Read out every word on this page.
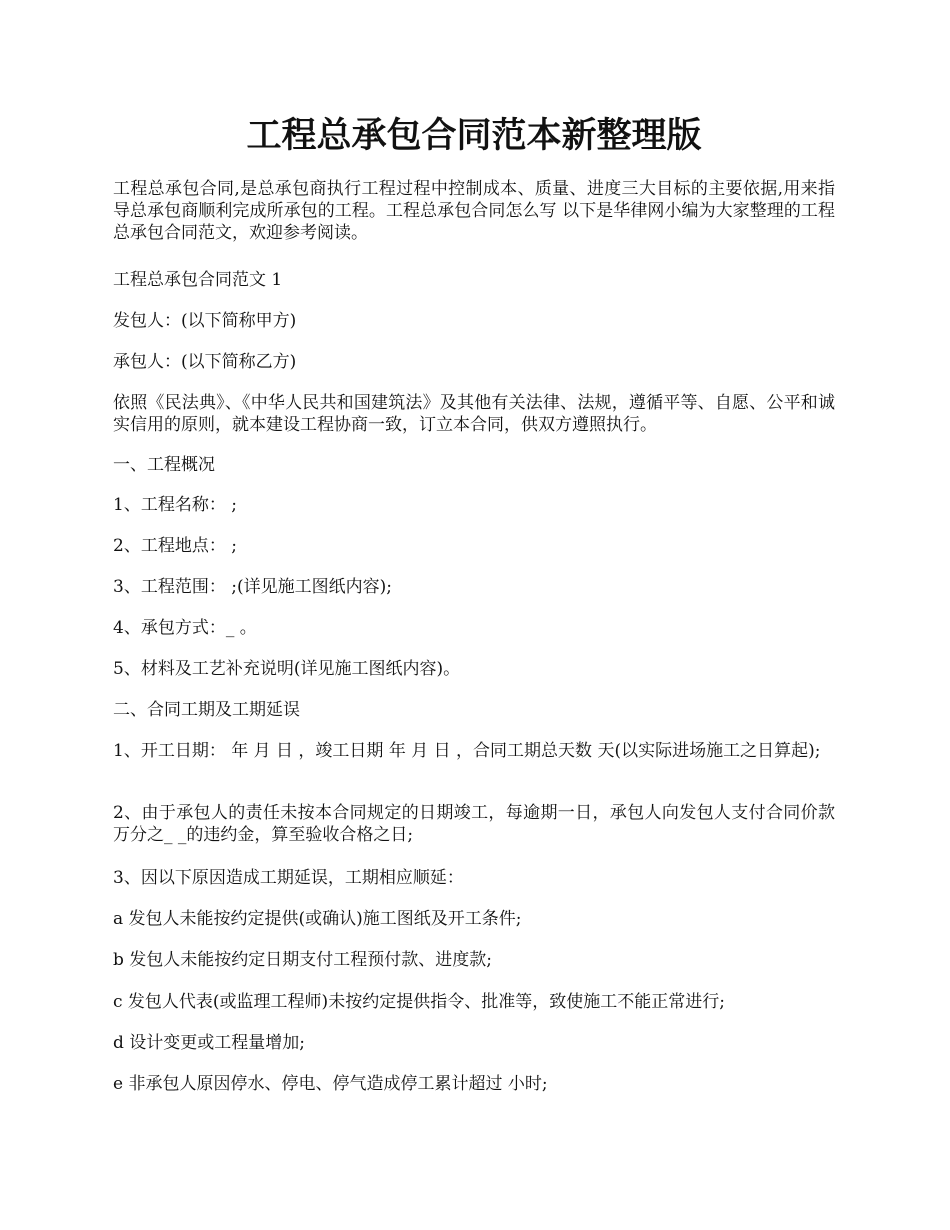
工程总承包合同范本新整理版

工程总承包合同,是总承包商执行工程过程中控制成本、质量、进度三大目标的主要依据,用来指导总承包商顺利完成所承包的工程。工程总承包合同怎么写 以下是华律网小编为大家整理的工程总承包合同范文，欢迎参考阅读。

工程总承包合同范文 1

发包人：(以下简称甲方)

承包人：(以下简称乙方)

依照《民法典》、《中华人民共和国建筑法》及其他有关法律、法规，遵循平等、自愿、公平和诚实信用的原则，就本建设工程协商一致，订立本合同，供双方遵照执行。

一、工程概况

1、工程名称： ;

2、工程地点： ;

3、工程范围： ;(详见施工图纸内容);

4、承包方式：_ 。

5、材料及工艺补充说明(详见施工图纸内容)。

二、合同工期及工期延误

1、开工日期： 年 月 日 ，竣工日期 年 月 日 ，合同工期总天数 天(以实际进场施工之日算起);

2、由于承包人的责任未按本合同规定的日期竣工，每逾期一日，承包人向发包人支付合同价款万分之_ _的违约金，算至验收合格之日;

3、因以下原因造成工期延误，工期相应顺延：

a 发包人未能按约定提供(或确认)施工图纸及开工条件;

b 发包人未能按约定日期支付工程预付款、进度款;

c 发包人代表(或监理工程师)未按约定提供指令、批准等，致使施工不能正常进行;

d 设计变更或工程量增加;

e 非承包人原因停水、停电、停气造成停工累计超过 小时;
